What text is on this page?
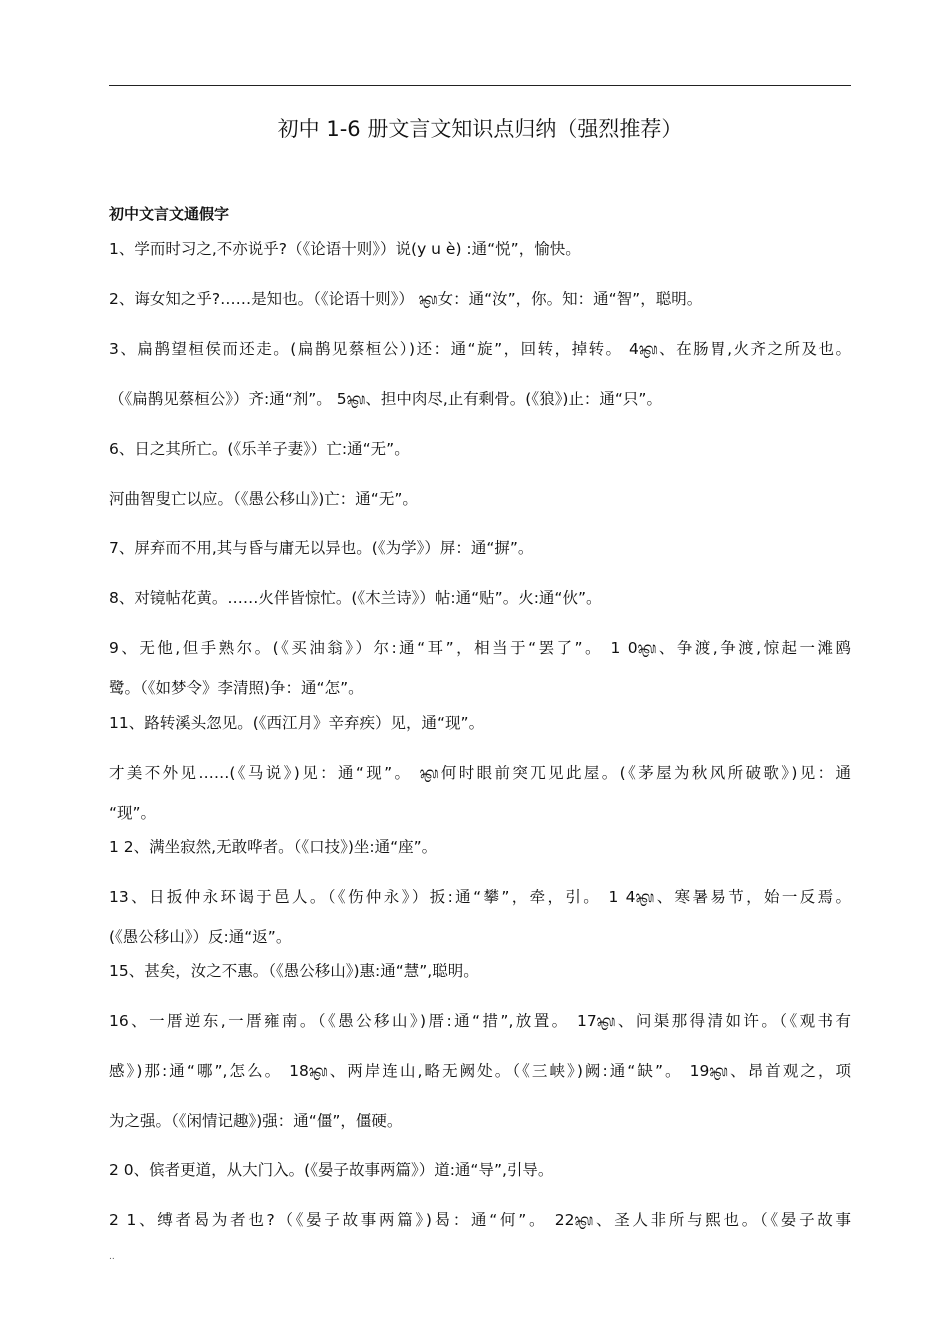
初中 1-6 册文言文知识点归纳（强烈推荐）
初中文言文通假字
1、学而时习之,不亦说乎?（《论语十则》）说(y u è) :通“悦”，愉快。
2、诲女知之乎?……是知也。（《论语十则》） ᭅ女：通“汝”，你。知：通“智”，聪明。
3、扁鹊望桓侯而还走。(扁鹊见蔡桓公）)还：通“旋”，回转，掉转。 4ᭅ、在肠胃,火齐之所及也。
（《扁鹊见蔡桓公》）齐:通“剂”。 5ᭅ、担中肉尽,止有剩骨。(《狼》)止：通“只”。
6、日之其所亡。(《乐羊子妻》）亡:通“无”。
河曲智叟亡以应。（《愚公移山》)亡：通“无”。
7、屏弃而不用,其与昏与庸无以异也。(《为学》）屏：通“摒”。
8、对镜帖花黄。……火伴皆惊忙。(《木兰诗》）帖:通“贴”。火:通“伙”。
9、无他,但手熟尔。(《买油翁》）尔:通“耳”，相当于“罢了”。 1 0ᭅ、争渡,争渡,惊起一滩鸥
鹭。（《如梦令》李清照)争：通“怎”。
11、路转溪头忽见。(《西江月》辛弃疾）见，通“现”。
才美不外见……(《马说》)见：通“现”。 ᭅ何时眼前突兀见此屋。(《茅屋为秋风所破歌》)见：通
“现”。
1 2、满坐寂然,无敢哗者。（《口技》)坐:通“座”。
13、日扳仲永环谒于邑人。（《伤仲永》）扳:通“攀”，牵，引。 1 4ᭅ、寒暑易节，始一反焉。
(《愚公移山》）反:通“返”。
15、甚矣，汝之不惠。（《愚公移山》)惠:通“慧”,聪明。
16、一厝逆东,一厝雍南。（《愚公移山》)厝:通“措”,放置。 17ᭅ、问渠那得清如许。（《观书有
感》)那:通“哪”,怎么。 18ᭅ、两岸连山,略无阙处。（《三峡》)阙:通“缺”。 19ᭅ、昂首观之，项
为之强。（《闲情记趣》)强：通“僵”，僵硬。
2 0、傧者更道，从大门入。(《晏子故事两篇》）道:通“导”,引导。
2 1、缚者曷为者也?（《晏子故事两篇》)曷：通“何”。 22ᭅ、圣人非所与熙也。（《晏子故事
..
